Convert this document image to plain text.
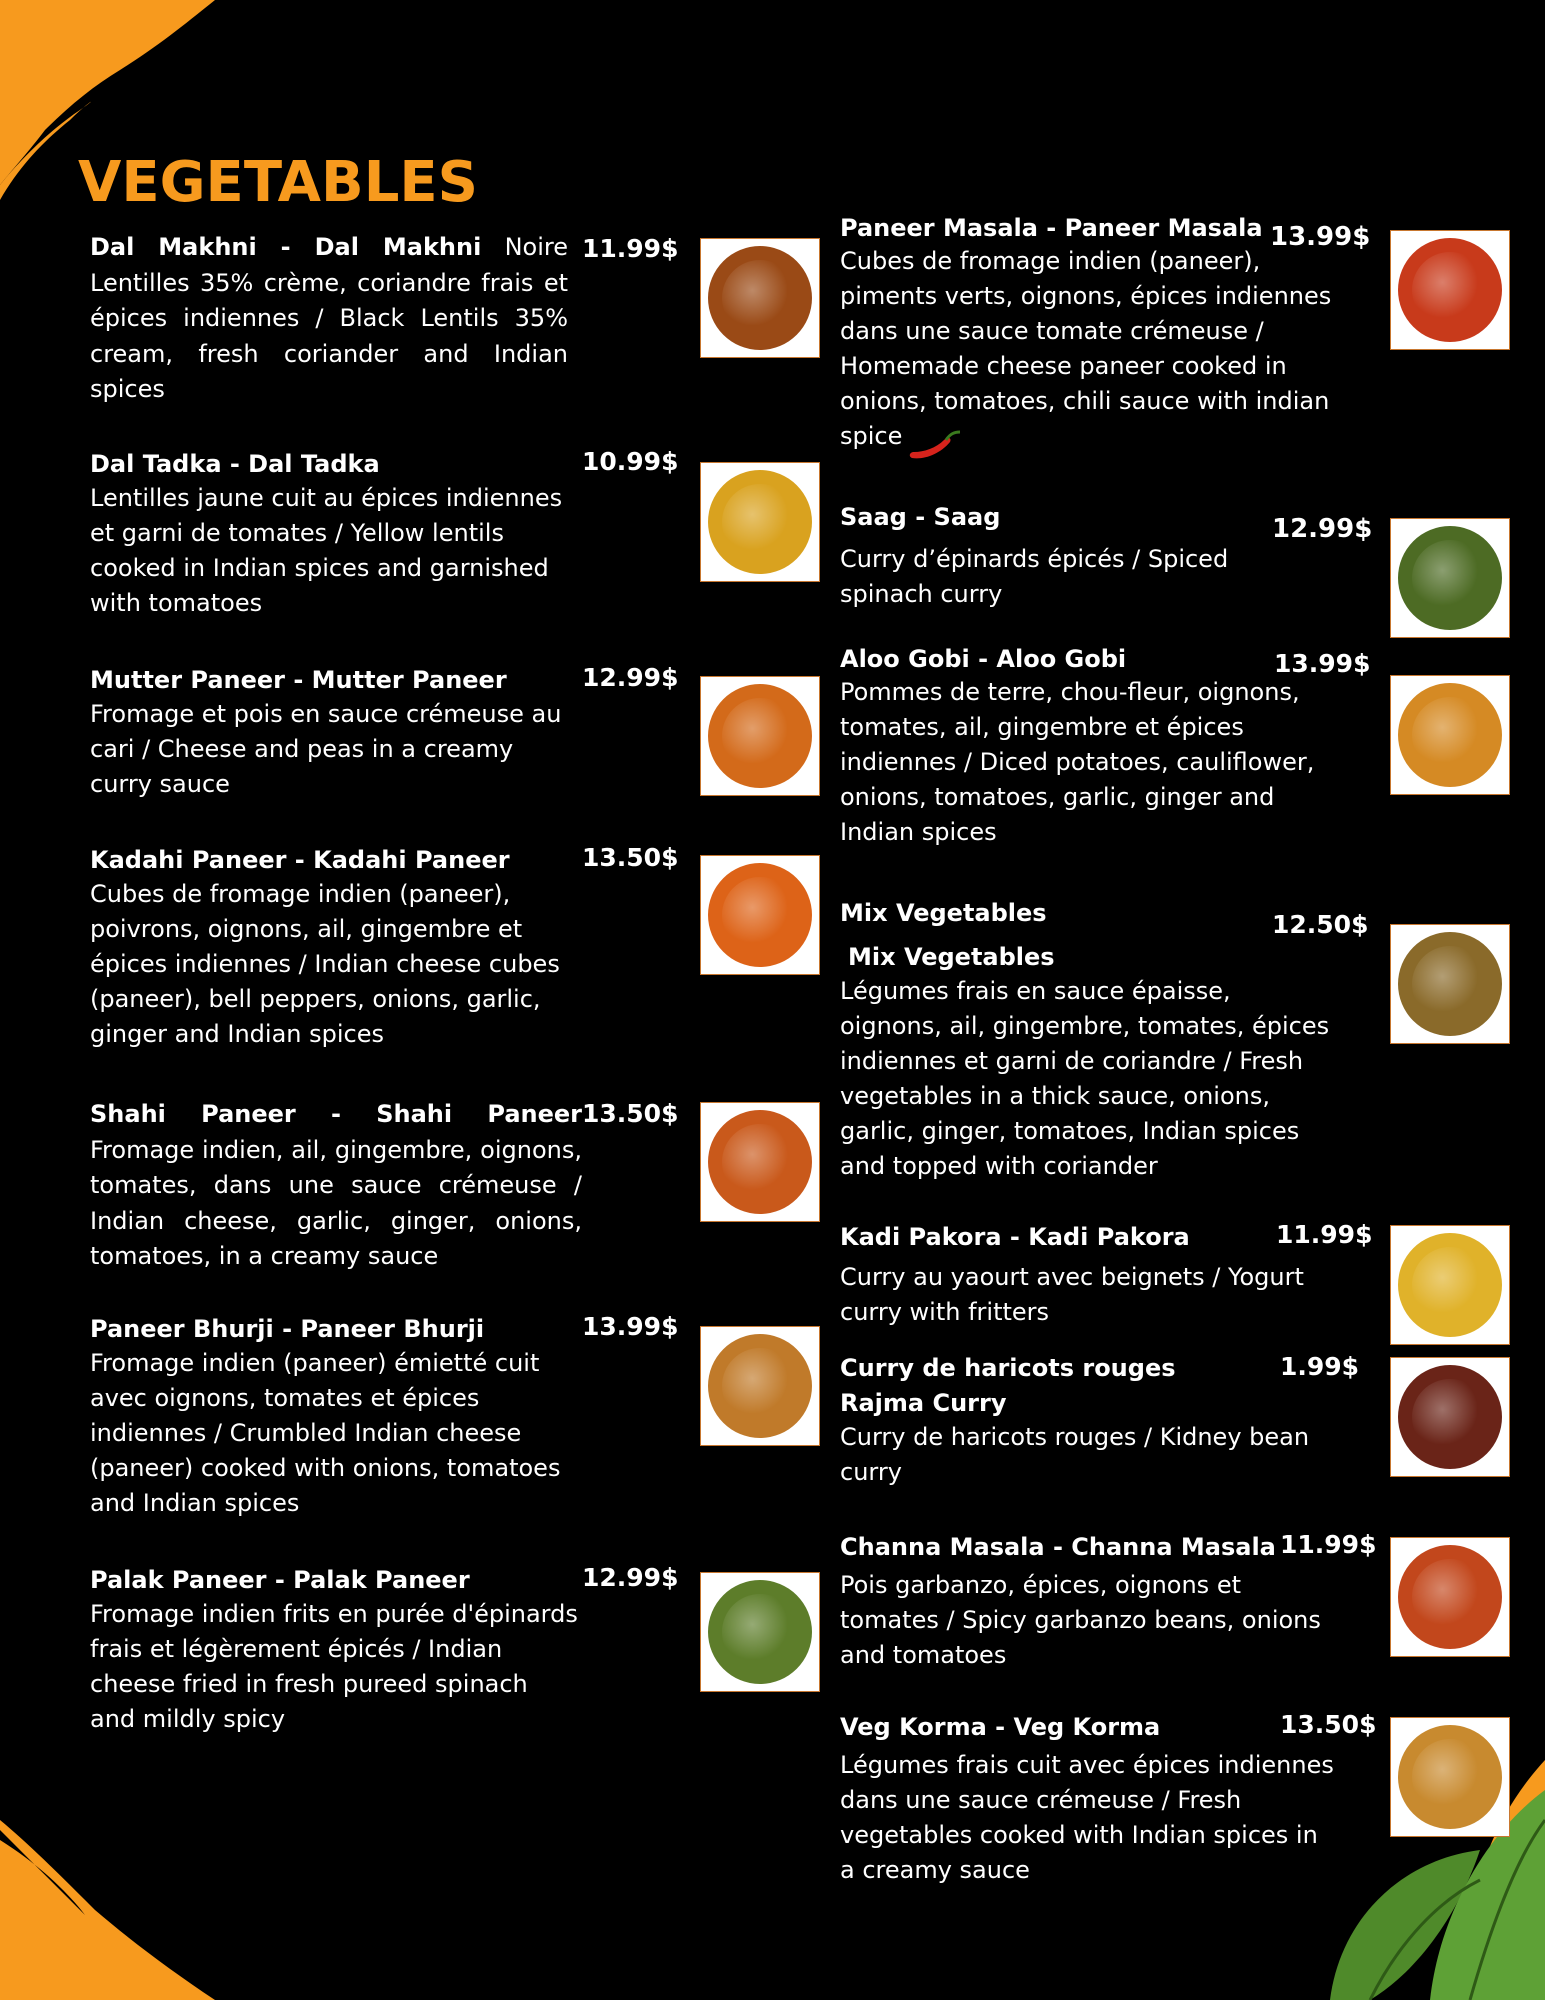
VEGETABLES
Dal Makhni - Dal Makhni Noire Lentilles 35% crème, coriandre frais et épices indiennes / Black Lentils 35% cream, fresh coriander and Indian spices
11.99$
Dal Tadka - Dal Tadka

Lentilles jaune cuit au épices indiennes et garni de tomates / Yellow lentils cooked in Indian spices and garnished with tomatoes

10.99$
Mutter Paneer - Mutter Paneer

Fromage et pois en sauce crémeuse au cari / Cheese and peas in a creamy curry sauce

12.99$
Kadahi Paneer - Kadahi Paneer

Cubes de fromage indien (paneer), poivrons, oignons, ail, gingembre et épices indiennes / Indian cheese cubes (paneer), bell peppers, onions, garlic, ginger and Indian spices

13.50$
Shahi Paneer - Shahi Paneer Fromage indien, ail, gingembre, oignons, tomates, dans une sauce crémeuse / Indian cheese, garlic, ginger, onions, tomatoes, in a creamy sauce
13.50$
Paneer Bhurji - Paneer Bhurji

Fromage indien (paneer) émietté cuit avec oignons, tomates et épices indiennes / Crumbled Indian cheese (paneer) cooked with onions, tomatoes and Indian spices

13.99$
Palak Paneer - Palak Paneer

Fromage indien frits en purée d'épinards frais et légèrement épicés / Indian cheese fried in fresh pureed spinach and mildly spicy

12.99$
Paneer Masala - Paneer Masala

Cubes de fromage indien (paneer), piments verts, oignons, épices indiennes dans une sauce tomate crémeuse / Homemade cheese paneer cooked in onions, tomatoes, chili sauce with indian spice

13.99$
Saag - Saag

Curry d’épinards épicés / Spiced spinach curry

12.99$
Aloo Gobi - Aloo Gobi

Pommes de terre, chou-fleur, oignons, tomates, ail, gingembre et épices indiennes / Diced potatoes, cauliflower, onions, tomatoes, garlic, ginger and Indian spices

13.99$
Mix Vegetables
Mix Vegetables

Légumes frais en sauce épaisse, oignons, ail, gingembre, tomates, épices indiennes et garni de coriandre / Fresh vegetables in a thick sauce, onions, garlic, ginger, tomatoes, Indian spices and topped with coriander

12.50$
Kadi Pakora - Kadi Pakora

Curry au yaourt avec beignets / Yogurt curry with fritters

11.99$
Curry de haricots rouges
Rajma Curry

Curry de haricots rouges / Kidney bean curry

1.99$
Channa Masala - Channa Masala

Pois garbanzo, épices, oignons et tomates / Spicy garbanzo beans, onions and tomatoes

11.99$
Veg Korma - Veg Korma

Légumes frais cuit avec épices indiennes dans une sauce crémeuse / Fresh vegetables cooked with Indian spices in a creamy sauce

13.50$
